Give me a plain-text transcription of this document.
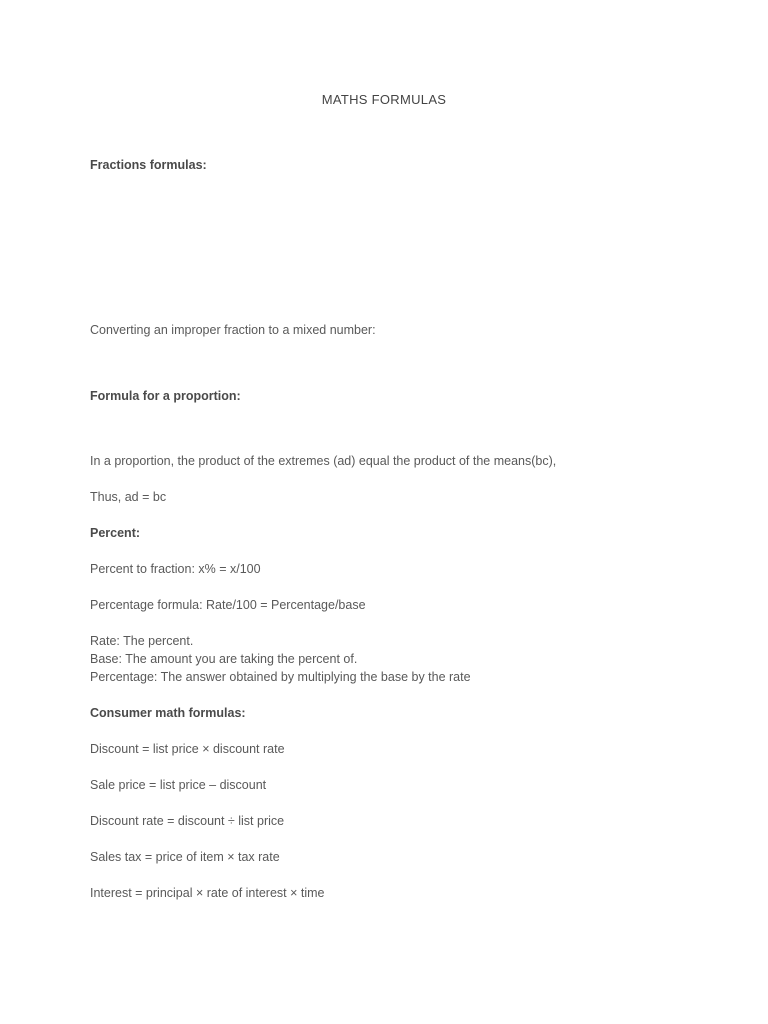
MATHS FORMULAS
Fractions formulas:
Converting an improper fraction to a mixed number:
Formula for a proportion:
In a proportion, the product of the extremes (ad) equal the product of the means(bc),
Thus, ad = bc
Percent:
Percent to fraction: x% = x/100
Percentage formula: Rate/100 = Percentage/base
Rate: The percent.
Base: The amount you are taking the percent of.
Percentage: The answer obtained by multiplying the base by the rate
Consumer math formulas:
Discount = list price × discount rate
Sale price = list price – discount
Discount rate = discount ÷ list price
Sales tax = price of item × tax rate
Interest = principal × rate of interest × time
